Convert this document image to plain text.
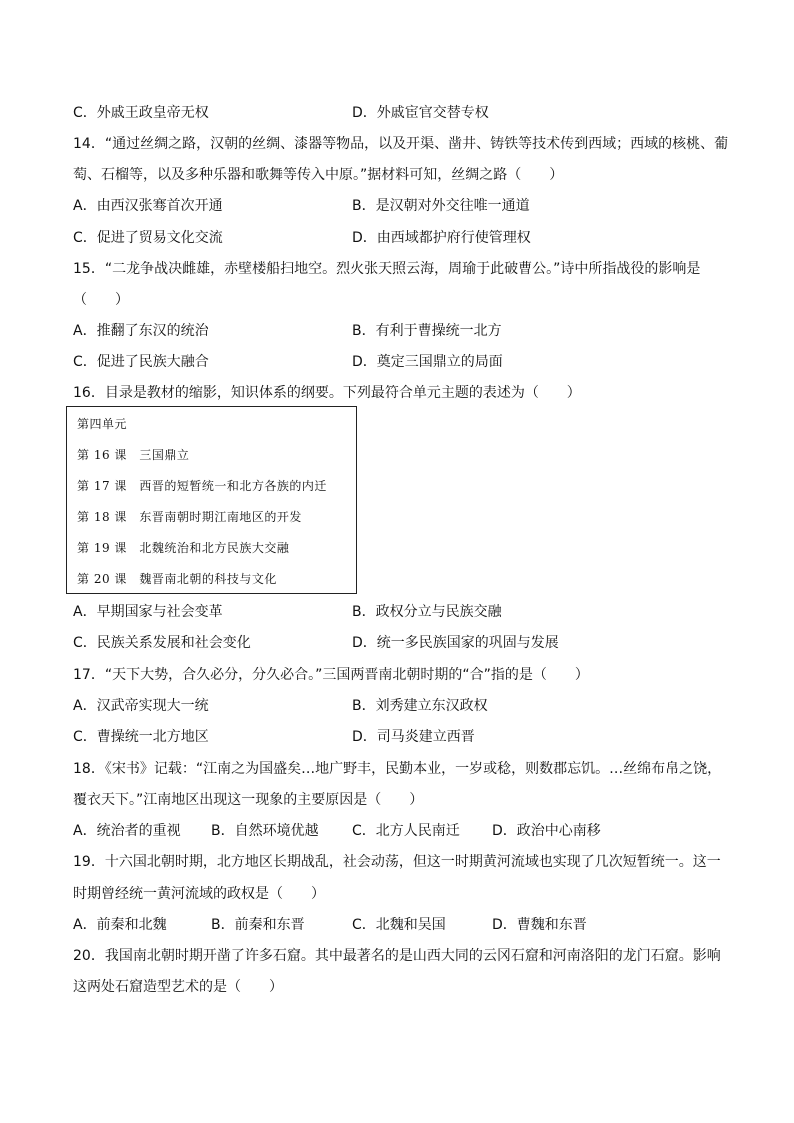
C．外戚王政皇帝无权	D．外戚宦官交替专权
14．“通过丝绸之路，汉朝的丝绸、漆器等物品，以及开渠、凿井、铸铁等技术传到西域；西域的核桃、葡
萄、石榴等，以及多种乐器和歌舞等传入中原。”据材料可知，丝绸之路（　　）
A．由西汉张骞首次开通	B．是汉朝对外交往唯一通道
C．促进了贸易文化交流	D．由西域都护府行使管理权
15．“二龙争战决雌雄，赤壁楼船扫地空。烈火张天照云海，周瑜于此破曹公。”诗中所指战役的影响是
（　　）
A．推翻了东汉的统治	B．有利于曹操统一北方
C．促进了民族大融合	D．奠定三国鼎立的局面
16．目录是教材的缩影，知识体系的纲要。下列最符合单元主题的表述为（　　）
第四单元
第 16 课　三国鼎立
第 17 课　西晋的短暂统一和北方各族的内迁
第 18 课　东晋南朝时期江南地区的开发
第 19 课　北魏统治和北方民族大交融
第 20 课　魏晋南北朝的科技与文化
A．早期国家与社会变革	B．政权分立与民族交融
C．民族关系发展和社会变化	D．统一多民族国家的巩固与发展
17．“天下大势，合久必分，分久必合。”三国两晋南北朝时期的“合”指的是（　　）
A．汉武帝实现大一统	B．刘秀建立东汉政权
C．曹操统一北方地区	D．司马炎建立西晋
18．《宋书》记载：“江南之为国盛矣…地广野丰，民勤本业，一岁或稔，则数郡忘饥。…丝绵布帛之饶，
覆衣天下。”江南地区出现这一现象的主要原因是（　　）
A．统治者的重视 B．自然环境优越 C．北方人民南迁 D．政治中心南移
19．十六国北朝时期，北方地区长期战乱，社会动荡，但这一时期黄河流域也实现了几次短暂统一。这一
时期曾经统一黄河流域的政权是（　　）
A．前秦和北魏	B．前秦和东晋	C．北魏和吴国	D．曹魏和东晋
20．我国南北朝时期开凿了许多石窟。其中最著名的是山西大同的云冈石窟和河南洛阳的龙门石窟。影响
这两处石窟造型艺术的是（　　）
